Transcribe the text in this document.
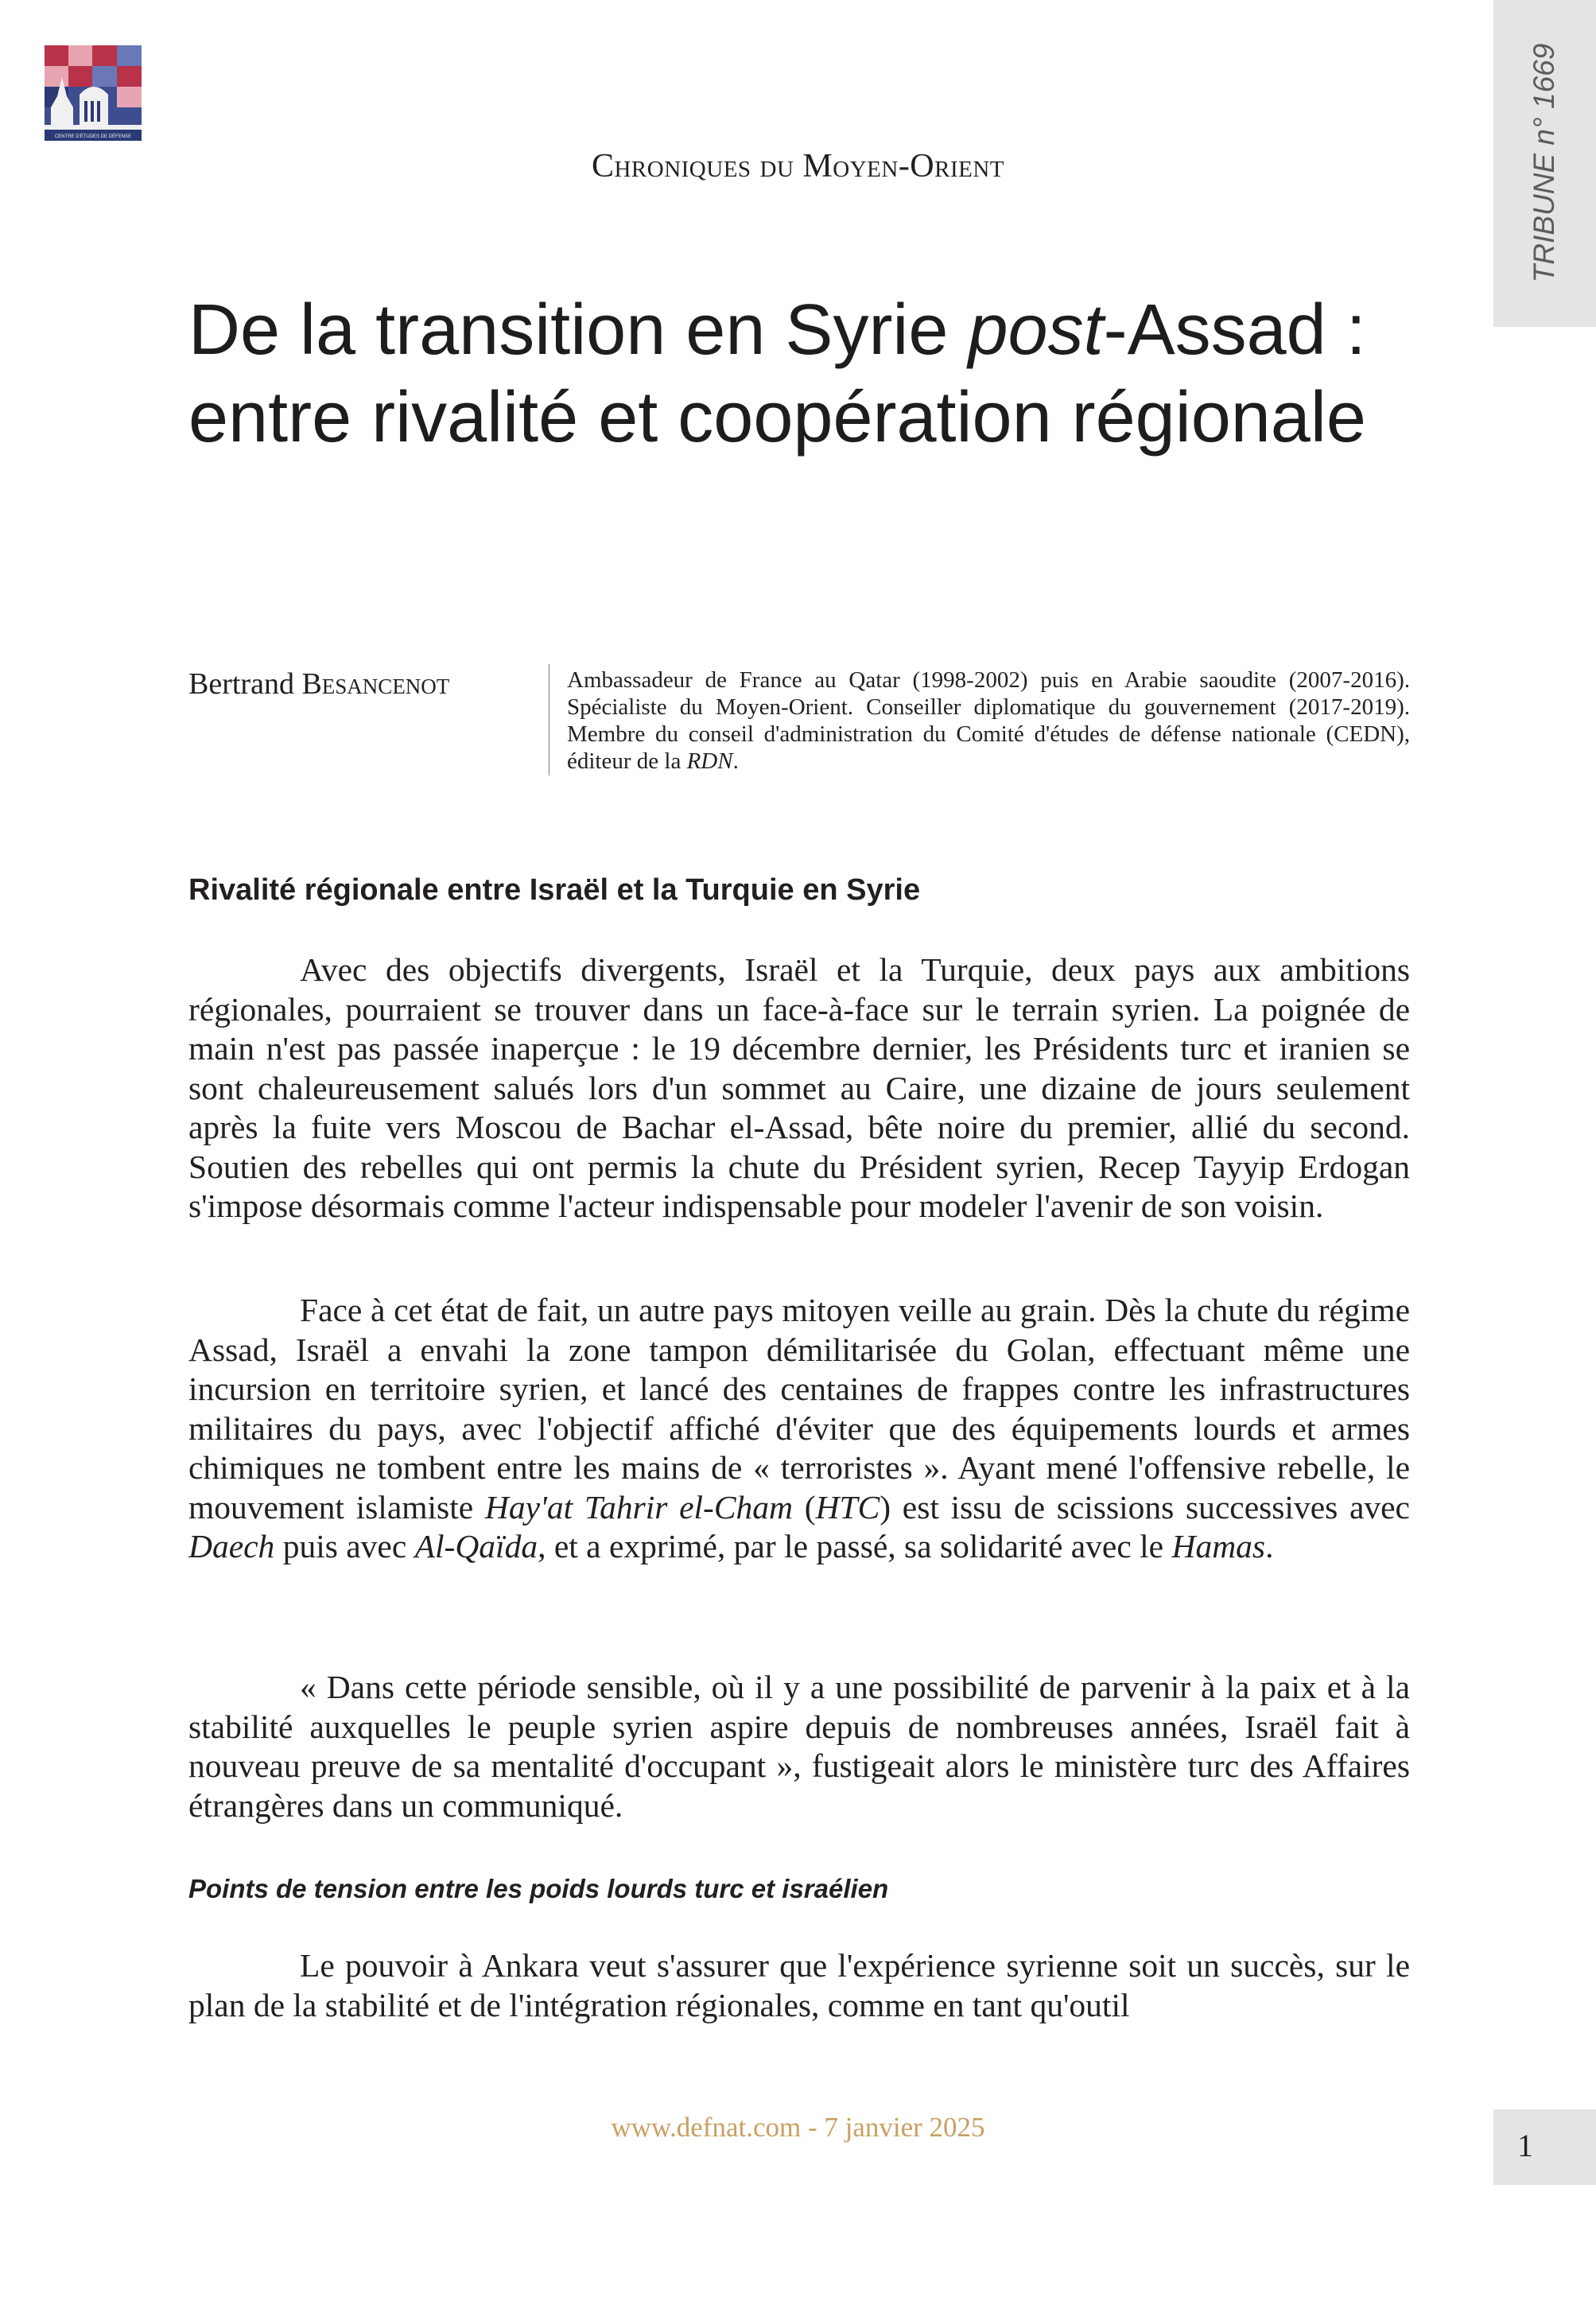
CENTRE D'ÉTUDES DE DÉFENSE	TRIBUNE n° 1669
Chroniques du Moyen-Orient
De la transition en Syrie post-Assad : entre rivalité et coopération régionale
Bertrand Besancenot	Ambassadeur de France au Qatar (1998-2002) puis en Arabie saoudite (2007-2016). Spécialiste du Moyen-Orient. Conseiller diplomatique du gouvernement (2017-2019). Membre du conseil d'administration du Comité d'études de défense nationale (CEDN), éditeur de la RDN.
Rivalité régionale entre Israël et la Turquie en Syrie

Avec des objectifs divergents, Israël et la Turquie, deux pays aux ambitions régionales, pourraient se trouver dans un face-à-face sur le terrain syrien. La poignée de main n'est pas passée inaperçue : le 19 décembre dernier, les Présidents turc et iranien se sont chaleureusement salués lors d'un sommet au Caire, une dizaine de jours seulement après la fuite vers Moscou de Bachar el-Assad, bête noire du premier, allié du second. Soutien des rebelles qui ont permis la chute du Président syrien, Recep Tayyip Erdogan s'impose désormais comme l'acteur indispensable pour modeler l'avenir de son voisin.

Face à cet état de fait, un autre pays mitoyen veille au grain. Dès la chute du régime Assad, Israël a envahi la zone tampon démilitarisée du Golan, effectuant même une incursion en territoire syrien, et lancé des centaines de frappes contre les infrastructures militaires du pays, avec l'objectif affiché d'éviter que des équipements lourds et armes chimiques ne tombent entre les mains de « terroristes ». Ayant mené l'offensive rebelle, le mouvement islamiste Hay'at Tahrir el-Cham (HTC) est issu de scissions successives avec Daech puis avec Al-Qaïda, et a exprimé, par le passé, sa solidarité avec le Hamas.

« Dans cette période sensible, où il y a une possibilité de parvenir à la paix et à la stabilité auxquelles le peuple syrien aspire depuis de nombreuses années, Israël fait à nouveau preuve de sa mentalité d'occupant », fustigeait alors le ministère turc des Affaires étrangères dans un communiqué.

Points de tension entre les poids lourds turc et israélien

Le pouvoir à Ankara veut s'assurer que l'expérience syrienne soit un succès, sur le plan de la stabilité et de l'intégration régionales, comme en tant qu'outil

www.defnat.com - 7 janvier 2025
1
